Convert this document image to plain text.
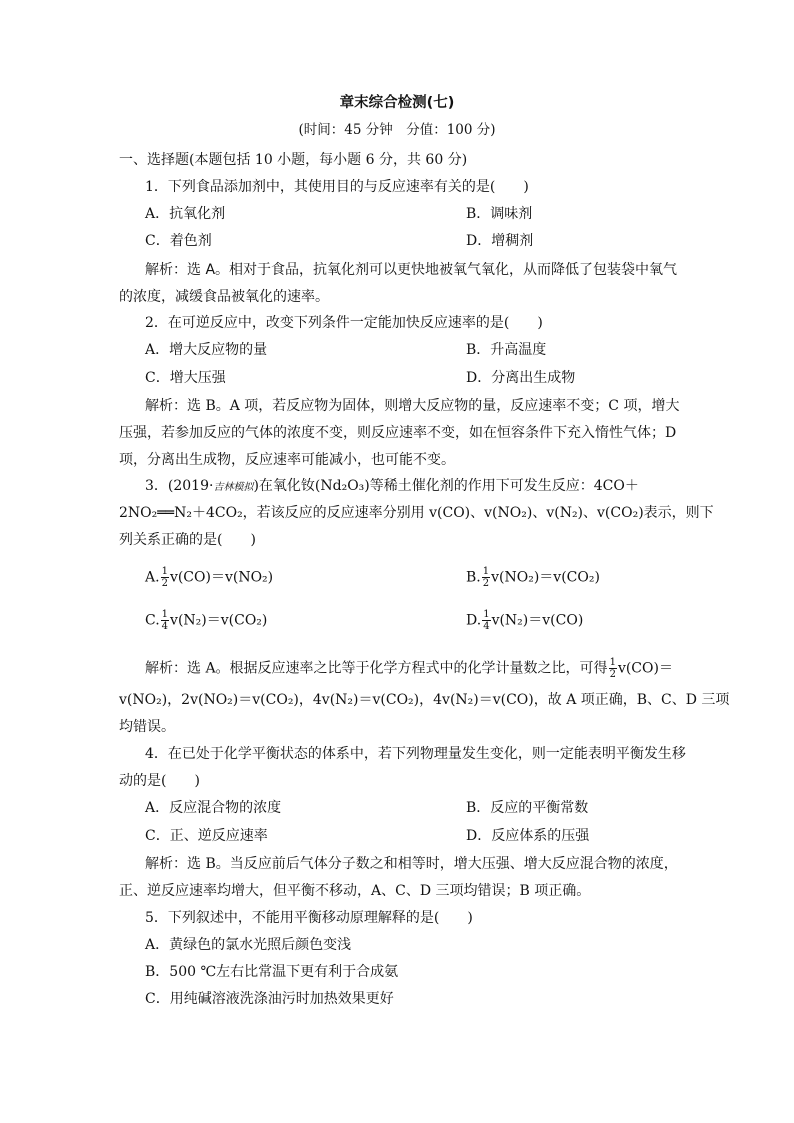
章末综合检测(七)
(时间：45 分钟　分值：100 分)
一、选择题(本题包括 10 小题，每小题 6 分，共 60 分)
1．下列食品添加剂中，其使用目的与反应速率有关的是(　　)
A．抗氧化剂	B．调味剂
C．着色剂	D．增稠剂
解析：选 A。相对于食品，抗氧化剂可以更快地被氧气氧化，从而降低了包装袋中氧气
的浓度，减缓食品被氧化的速率。
2．在可逆反应中，改变下列条件一定能加快反应速率的是(　　)
A．增大反应物的量	B．升高温度
C．增大压强	D．分离出生成物
解析：选 B。A 项，若反应物为固体，则增大反应物的量，反应速率不变；C 项，增大
压强，若参加反应的气体的浓度不变，则反应速率不变，如在恒容条件下充入惰性气体；D
项，分离出生成物，反应速率可能减小，也可能不变。
3．(2019·吉林模拟)在氧化钕(Nd₂O₃)等稀土催化剂的作用下可发生反应：4CO＋
2NO₂══N₂＋4CO₂，若该反应的反应速率分别用 v(CO)、v(NO₂)、v(N₂)、v(CO₂)表示，则下
列关系正确的是(　　)
A. $\frac{1}{2} v(CO)=v(NO_2)$	B. $\frac{1}{2} v(NO_2)=v(CO_2)$
C. $\frac{1}{4} v(N_2)=v(CO_2)$	D. $\frac{1}{4} v(N_2)=v(CO)$
解析：选 A。根据反应速率之比等于化学方程式中的化学计量数之比，可得 $\frac{1}{2} v(CO)=$
v(NO₂)，2v(NO₂)＝v(CO₂)，4v(N₂)＝v(CO₂)，4v(N₂)＝v(CO)，故 A 项正确，B、C、D 三项
均错误。
4．在已处于化学平衡状态的体系中，若下列物理量发生变化，则一定能表明平衡发生移
动的是(　　)
A．反应混合物的浓度	B．反应的平衡常数
C．正、逆反应速率	D．反应体系的压强
解析：选 B。当反应前后气体分子数之和相等时，增大压强、增大反应混合物的浓度，
正、逆反应速率均增大，但平衡不移动，A、C、D 三项均错误；B 项正确。
5．下列叙述中，不能用平衡移动原理解释的是(　　)
A．黄绿色的氯水光照后颜色变浅
B．500 ℃左右比常温下更有利于合成氨
C．用纯碱溶液洗涤油污时加热效果更好
